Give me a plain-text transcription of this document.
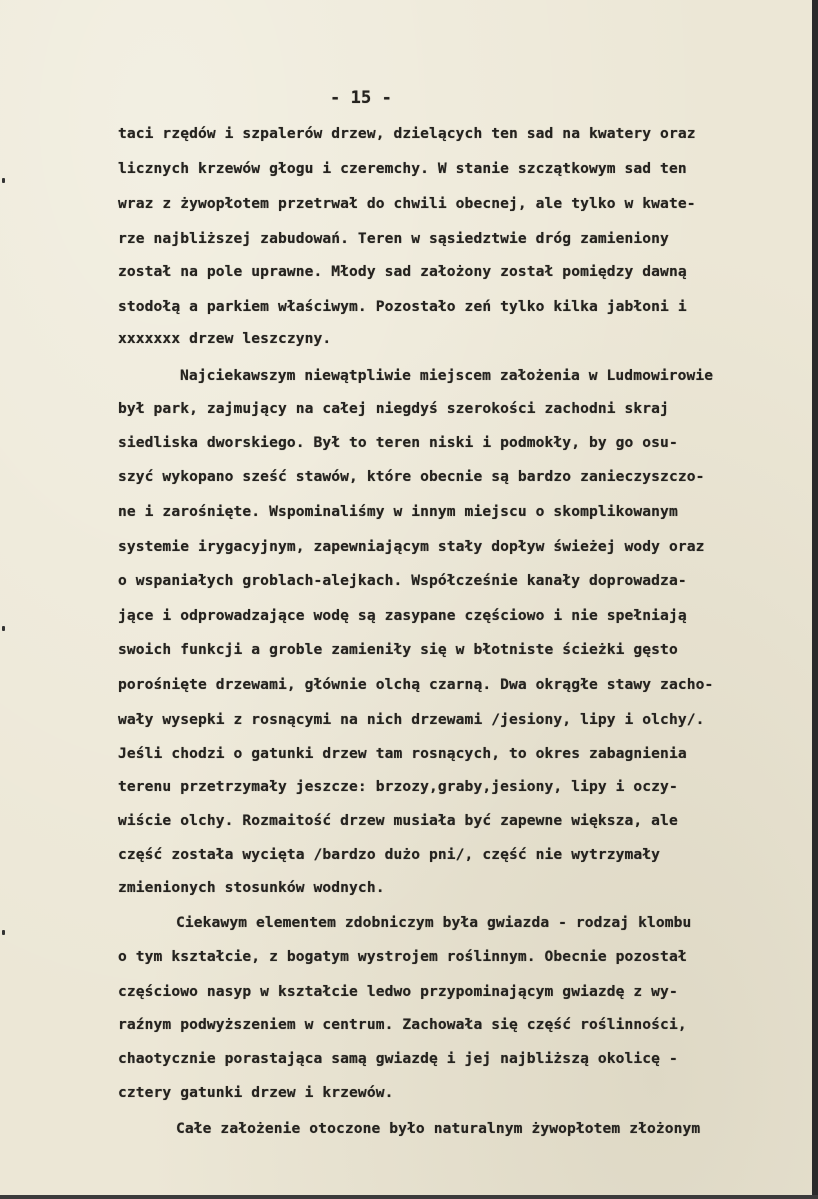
- 15 -
taci rzędów i szpalerów drzew, dzielących ten sad na kwatery oraz
licznych krzewów głogu i czeremchy. W stanie szczątkowym sad ten
wraz z żywopłotem przetrwał do chwili obecnej, ale tylko w kwate-
rze najbliższej zabudowań. Teren w sąsiedztwie dróg zamieniony
został na pole uprawne. Młody sad założony został pomiędzy dawną
stodołą a parkiem właściwym. Pozostało zeń tylko kilka jabłoni i
xxxxxxx drzew leszczyny.
Najciekawszym niewątpliwie miejscem założenia w Ludmowirowie
był park, zajmujący na całej niegdyś szerokości zachodni skraj
siedliska dworskiego. Był to teren niski i podmokły, by go osu-
szyć wykopano sześć stawów, które obecnie są bardzo zanieczyszczo-
ne i zarośnięte. Wspominaliśmy w innym miejscu o skomplikowanym
systemie irygacyjnym, zapewniającym stały dopływ świeżej wody oraz
o wspaniałych groblach-alejkach. Współcześnie kanały doprowadza-
jące i odprowadzające wodę są zasypane częściowo i nie spełniają
swoich funkcji a groble zamieniły się w błotniste ścieżki gęsto
porośnięte drzewami, głównie olchą czarną. Dwa okrągłe stawy zacho-
wały wysepki z rosnącymi na nich drzewami /jesiony, lipy i olchy/.
Jeśli chodzi o gatunki drzew tam rosnących, to okres zabagnienia
terenu przetrzymały jeszcze: brzozy,graby,jesiony, lipy i oczy-
wiście olchy. Rozmaitość drzew musiała być zapewne większa, ale
część została wycięta /bardzo dużo pni/, część nie wytrzymały
zmienionych stosunków wodnych.
Ciekawym elementem zdobniczym była gwiazda - rodzaj klombu
o tym kształcie, z bogatym wystrojem roślinnym. Obecnie pozostał
częściowo nasyp w kształcie ledwo przypominającym gwiazdę z wy-
raźnym podwyższeniem w centrum. Zachowała się część roślinności,
chaotycznie porastająca samą gwiazdę i jej najbliższą okolicę -
cztery gatunki drzew i krzewów.
Całe założenie otoczone było naturalnym żywopłotem złożonym
